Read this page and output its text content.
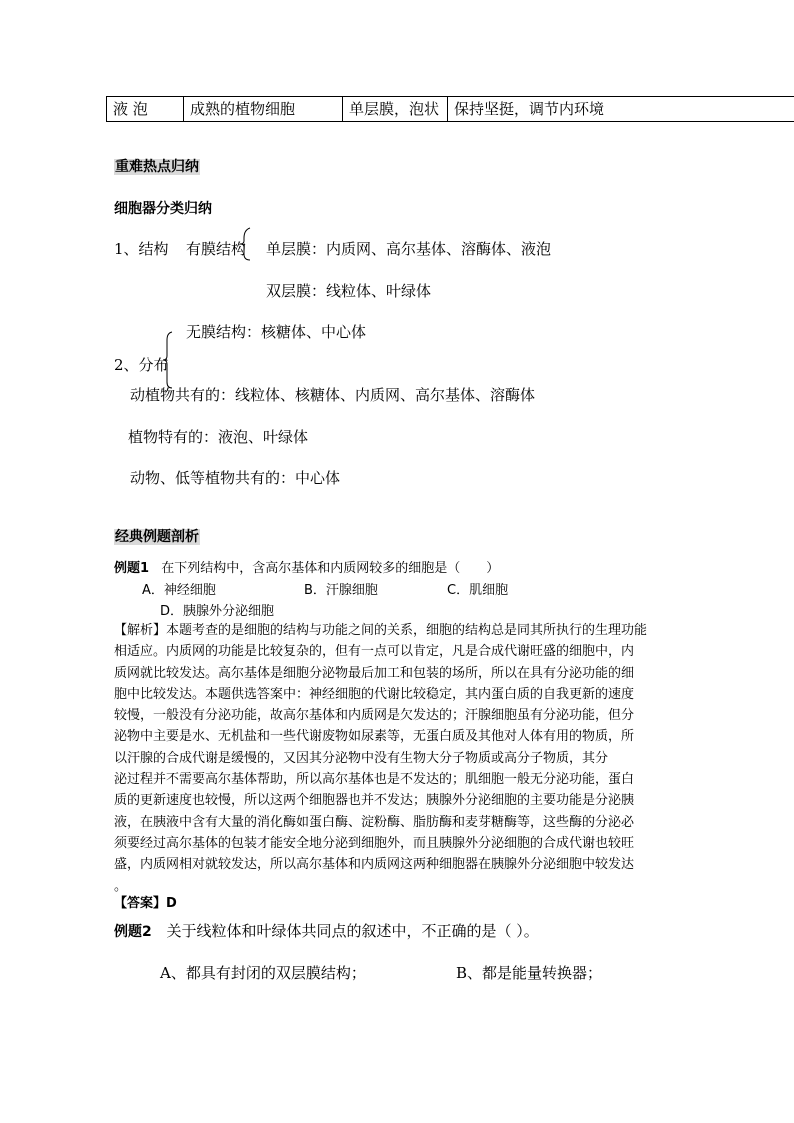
液 泡	成熟的植物细胞	单层膜，泡状	保持坚挺，调节内环境
重难热点归纳
细胞器分类归纳
1、结构 有膜结构 单层膜：内质网、高尔基体、溶酶体、液泡
双层膜：线粒体、叶绿体
无膜结构：核糖体、中心体
2、分布
动植物共有的：线粒体、核糖体、内质网、高尔基体、溶酶体
植物特有的：液泡、叶绿体
动物、低等植物共有的：中心体
经典例题剖析
例题1 在下列结构中，含高尔基体和内质网较多的细胞是（　　）
A．神经细胞	B．汗腺细胞	C．肌细胞
D．胰腺外分泌细胞
【解析】本题考查的是细胞的结构与功能之间的关系，细胞的结构总是同其所执行的生理功能
相适应。内质网的功能是比较复杂的，但有一点可以肯定，凡是合成代谢旺盛的细胞中，内
质网就比较发达。高尔基体是细胞分泌物最后加工和包装的场所，所以在具有分泌功能的细
胞中比较发达。本题供选答案中：神经细胞的代谢比较稳定，其内蛋白质的自我更新的速度
较慢，一般没有分泌功能，故高尔基体和内质网是欠发达的；汗腺细胞虽有分泌功能，但分
泌物中主要是水、无机盐和一些代谢废物如尿素等，无蛋白质及其他对人体有用的物质，所
以汗腺的合成代谢是缓慢的，又因其分泌物中没有生物大分子物质或高分子物质，其分
泌过程并不需要高尔基体帮助，所以高尔基体也是不发达的；肌细胞一般无分泌功能，蛋白
质的更新速度也较慢，所以这两个细胞器也并不发达；胰腺外分泌细胞的主要功能是分泌胰
液，在胰液中含有大量的消化酶如蛋白酶、淀粉酶、脂肪酶和麦芽糖酶等，这些酶的分泌必
须要经过高尔基体的包装才能安全地分泌到细胞外，而且胰腺外分泌细胞的合成代谢也较旺
盛，内质网相对就较发达，所以高尔基体和内质网这两种细胞器在胰腺外分泌细胞中较发达
。
【答案】D
例题2 关于线粒体和叶绿体共同点的叙述中，不正确的是（ ）。
A、都具有封闭的双层膜结构；	B、都是能量转换器；
